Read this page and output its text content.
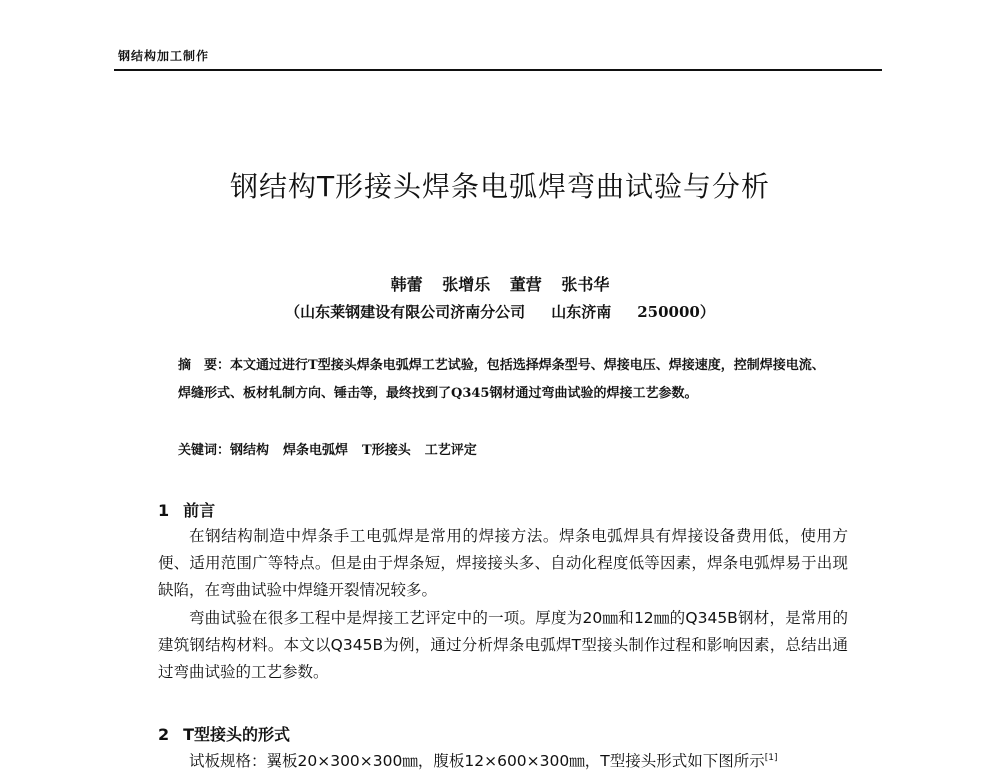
钢结构加工制作
钢结构T形接头焊条电弧焊弯曲试验与分析
韩蕾 张增乐 董营 张书华
（山东莱钢建设有限公司济南分公司 山东济南 250000）
摘　要：本文通过进行T型接头焊条电弧焊工艺试验，包括选择焊条型号、焊接电压、焊接速度，控制焊接电流、焊缝形式、板材轧制方向、锤击等，最终找到了Q345钢材通过弯曲试验的焊接工艺参数。
关键词：钢结构 焊条电弧焊 T形接头 工艺评定
1 前言
在钢结构制造中焊条手工电弧焊是常用的焊接方法。焊条电弧焊具有焊接设备费用低，使用方便、适用范围广等特点。但是由于焊条短，焊接接头多、自动化程度低等因素，焊条电弧焊易于出现缺陷，在弯曲试验中焊缝开裂情况较多。
弯曲试验在很多工程中是焊接工艺评定中的一项。厚度为20㎜和12㎜的Q345B钢材，是常用的建筑钢结构材料。本文以Q345B为例，通过分析焊条电弧焊T型接头制作过程和影响因素，总结出通过弯曲试验的工艺参数。
2 T型接头的形式
试板规格：翼板20×300×300㎜，腹板12×600×300㎜，T型接头形式如下图所示[1]
